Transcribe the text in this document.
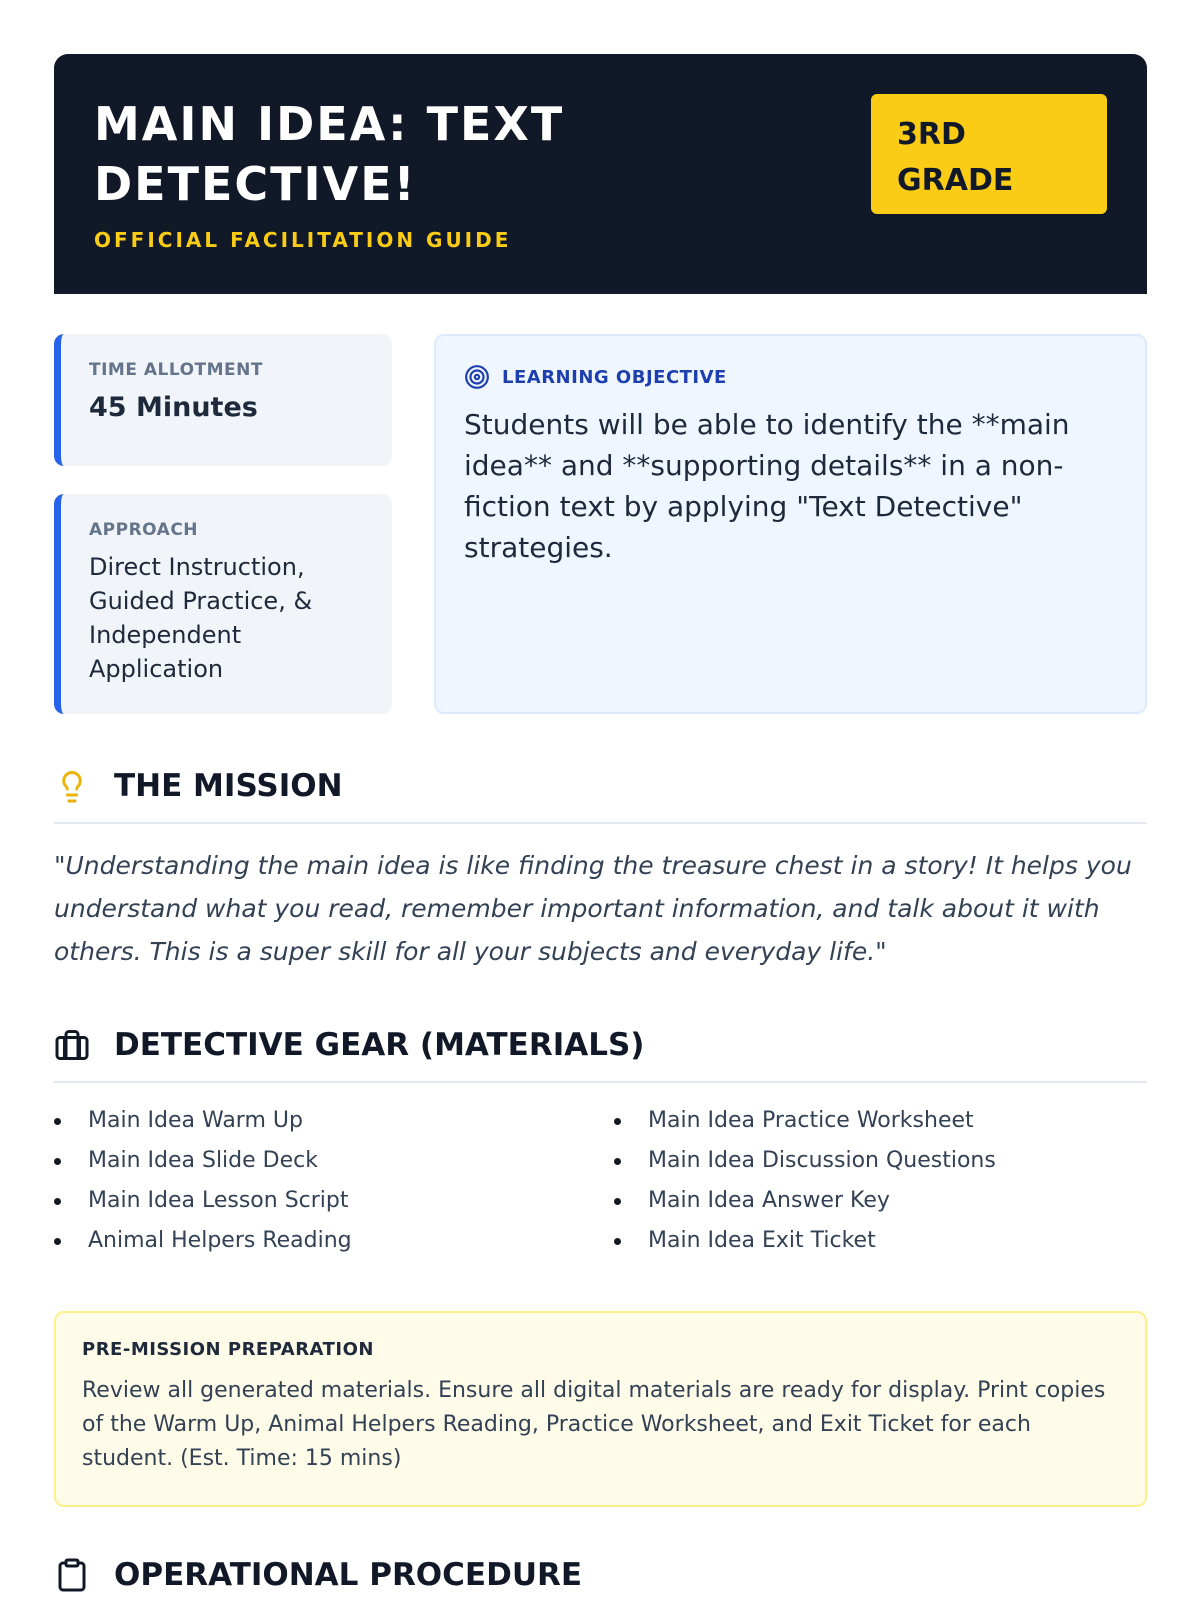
MAIN IDEA: TEXT DETECTIVE!
OFFICIAL FACILITATION GUIDE
3RD GRADE
TIME ALLOTMENT
45 Minutes
APPROACH
Direct Instruction, Guided Practice, & Independent Application
LEARNING OBJECTIVE
Students will be able to identify the **main idea** and **supporting details** in a non-fiction text by applying "Text Detective" strategies.
THE MISSION

"Understanding the main idea is like finding the treasure chest in a story! It helps you understand what you read, remember important information, and talk about it with others. This is a super skill for all your subjects and everyday life."

DETECTIVE GEAR (MATERIALS)
Main Idea Warm Up
Main Idea Slide Deck
Main Idea Lesson Script
Animal Helpers Reading
Main Idea Practice Worksheet
Main Idea Discussion Questions
Main Idea Answer Key
Main Idea Exit Ticket
PRE-MISSION PREPARATION
Review all generated materials. Ensure all digital materials are ready for display. Print copies of the Warm Up, Animal Helpers Reading, Practice Worksheet, and Exit Ticket for each student. (Est. Time: 15 mins)
OPERATIONAL PROCEDURE
